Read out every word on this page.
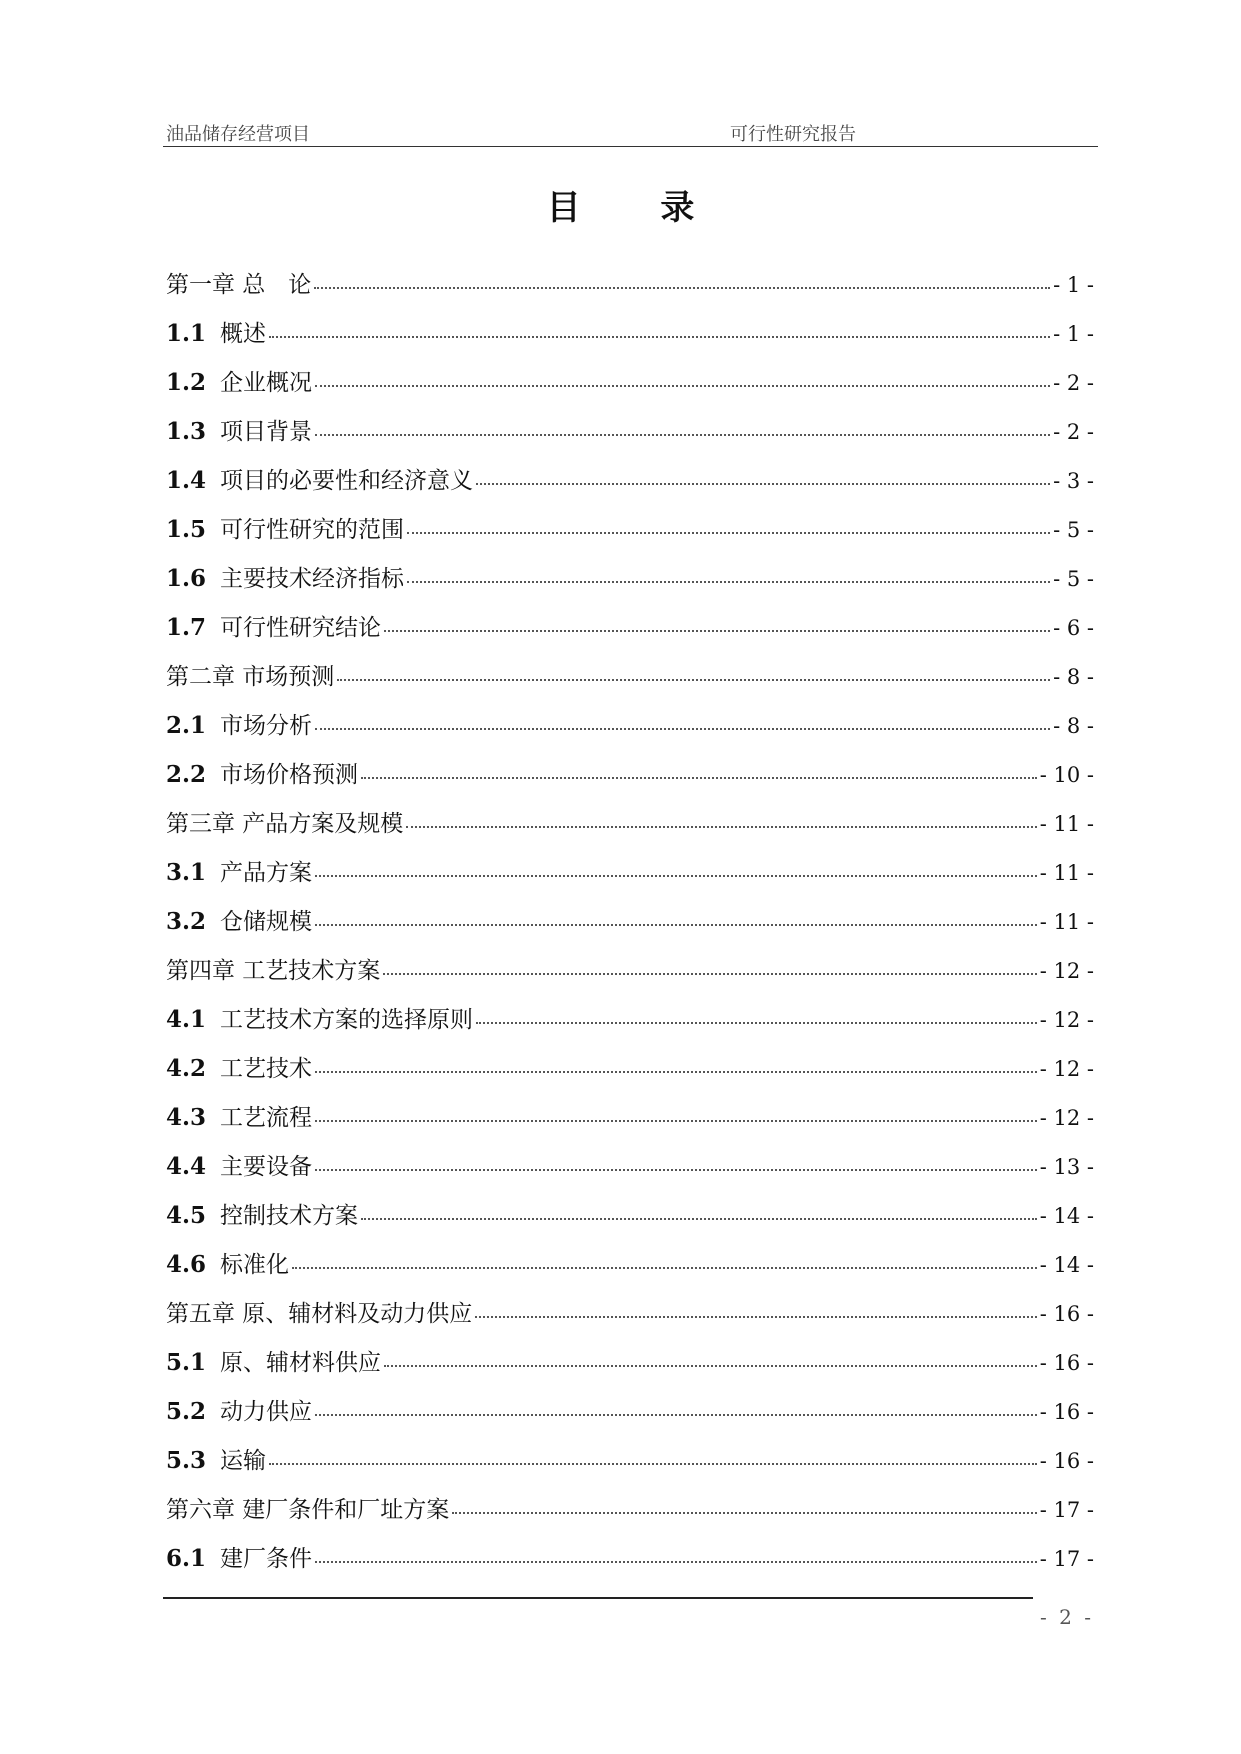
油品储存经营项目	可行性研究报告
目 录
第一章 总　论	- 1 -
1.1 概述	- 1 -
1.2 企业概况	- 2 -
1.3 项目背景	- 2 -
1.4 项目的必要性和经济意义	- 3 -
1.5 可行性研究的范围	- 5 -
1.6 主要技术经济指标	- 5 -
1.7 可行性研究结论	- 6 -
第二章 市场预测	- 8 -
2.1 市场分析	- 8 -
2.2 市场价格预测	- 10 -
第三章 产品方案及规模	- 11 -
3.1 产品方案	- 11 -
3.2 仓储规模	- 11 -
第四章 工艺技术方案	- 12 -
4.1 工艺技术方案的选择原则	- 12 -
4.2 工艺技术	- 12 -
4.3 工艺流程	- 12 -
4.4 主要设备	- 13 -
4.5 控制技术方案	- 14 -
4.6 标准化	- 14 -
第五章 原、辅材料及动力供应	- 16 -
5.1 原、辅材料供应	- 16 -
5.2 动力供应	- 16 -
5.3 运输	- 16 -
第六章 建厂条件和厂址方案	- 17 -
6.1 建厂条件	- 17 -
- 2 -
